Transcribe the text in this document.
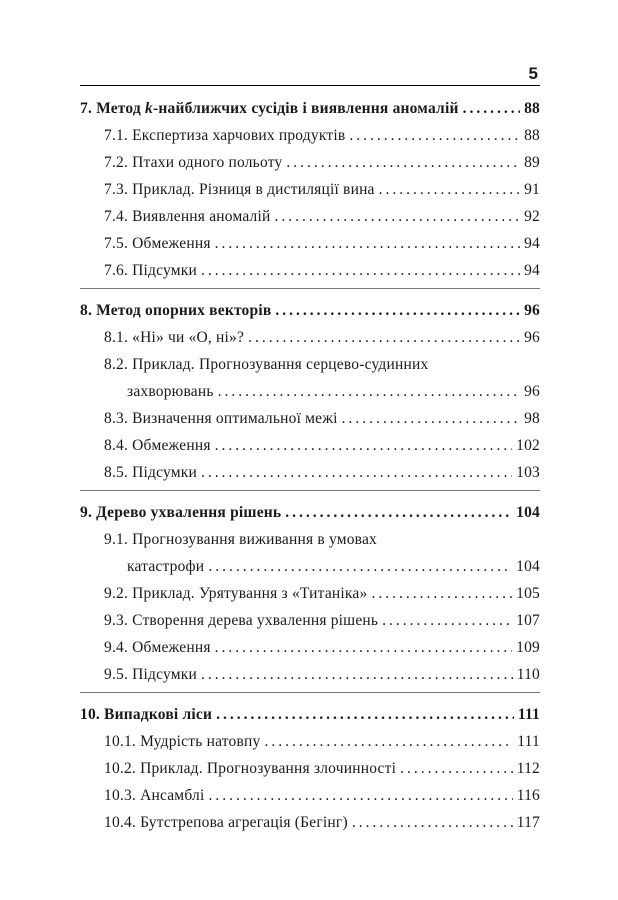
5
7. Метод k-найближчих сусідів і виявлення аномалій .....	88
7.1. Експертиза харчових продуктів .....	88
7.2. Птахи одного польоту .....	89
7.3. Приклад. Різниця в дистиляції вина .....	91
7.4. Виявлення аномалій .....	92
7.5. Обмеження .....	94
7.6. Підсумки .....	94
8. Метод опорних векторів .....	96
8.1. «Ні» чи «О, ні»? .....	96
8.2. Приклад. Прогнозування серцево-судинних
захворювань .....	96
8.3. Визначення оптимальної межі .....	98
8.4. Обмеження .....	102
8.5. Підсумки .....	103
9. Дерево ухвалення рішень .....	104
9.1. Прогнозування виживання в умовах
катастрофи .....	104
9.2. Приклад. Урятування з «Титаніка» .....	105
9.3. Створення дерева ухвалення рішень .....	107
9.4. Обмеження .....	109
9.5. Підсумки .....	110
10. Випадкові ліси .....	111
10.1. Мудрість натовпу .....	111
10.2. Приклад. Прогнозування злочинності .....	112
10.3. Ансамблі .....	116
10.4. Бутстрепова агрегація (Бегінг) .....	117
